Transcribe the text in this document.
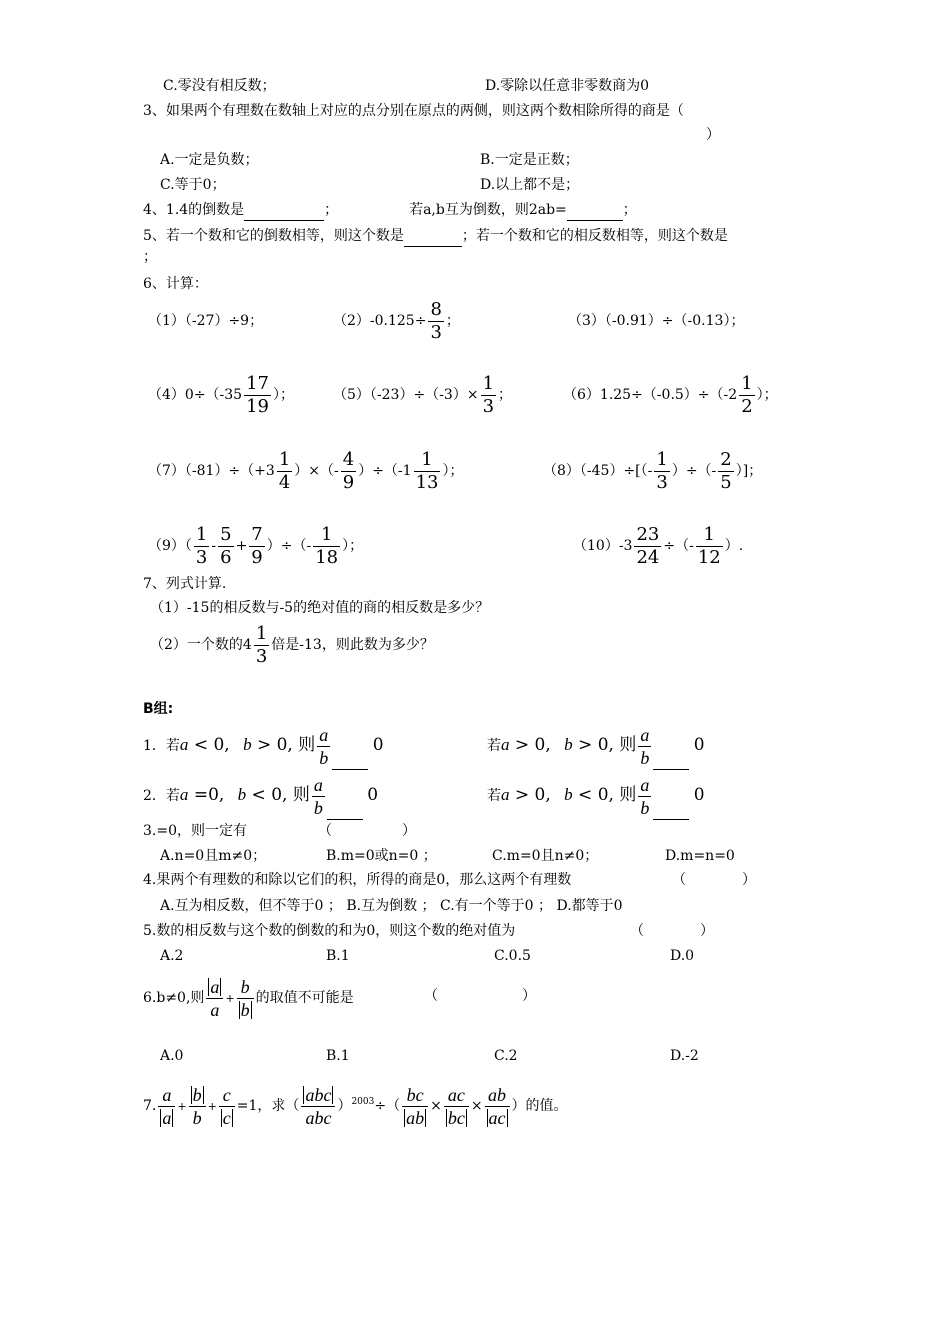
C.零没有相反数；	D.零除以任意非零数商为0
3、如果两个有理数在数轴上对应的点分别在原点的两侧，则这两个数相除所得的商是（
）
A.一定是负数；	B.一定是正数；
C.等于0；	D.以上都不是；
4、1.4的倒数是	；	若a,b互为倒数，则2ab=	；
5、若一个数和它的倒数相等，则这个数是	；若一个数和它的相反数相等，则这个数是
；
6、计算：
（1）（-27）÷9；	$(2)-0.125\div \frac{8}{3}$ ；	（3）（-0.91）÷（-0.13）；
$(4)0\div(-35 \frac{17}{19}$ ）；	$(5)(-23)\div(-3)\times \frac{1}{3}$ ；	$(6)1.25\div(-0.5)\div(-2 \frac{1}{2}$ ）；
$(7)(-81)\div(+3 \frac{1}{4}$ ）×（- $\frac{4}{9} )\div(-1 \frac{1}{13}$ ）；	$(8)(-45)\div[(- \frac{1}{3}$ ）÷（- $\frac{2}{5}$ ）]；
$(9)( \frac{1}{3} - \frac{5}{6} + \frac{7}{9}$ ）÷（- $\frac{1}{18}$ ）；	$(10)-3 \frac{23}{24}$ ÷（- $\frac{1}{12}$ ）.
7、列式计算.
（1）-15的相反数与-5的绝对值的商的相反数是多少？
（2）一个数的$4 \frac{1}{3}$ 倍是-13，则此数为多少？
B组:
1．若a < 0, b > 0, 则 $\frac{a}{b} 0$	若a > 0, b > 0, 则 $\frac{a}{b} 0$
2．若a =0, b < 0, 则 $\frac{a}{b} 0$	若a > 0, b < 0, 则 $\frac{a}{b} 0$
3.=0，则一定有	（　　　　　）
A.n=0且m≠0；	B.m=0或n=0 ；	C.m=0且n≠0；	D.m=n=0
4.果两个有理数的和除以它们的积，所得的商是0，那么这两个有理数	（　　　　）
A.互为相反数，但不等于0 ； B.互为倒数 ； C.有一个等于0 ； D.都等于0
5.数的相反数与这个数的倒数的和为0，则这个数的绝对值为	（　　　　）
A.2	B.1	C.0.5	D.0
6.b≠0,则 $\frac{a}{a} + \frac{b}{b}$ 的取值不可能是	（　　　　　　）
A.0	B.1	C.2	D.-2
7. $\frac{a}{a} + \frac{b}{b} + \frac{c}{c} =1$，求（ $\frac{\text{abc}}{\text{abc}} )^{2003}\div( \frac{bc}{ab} \times \frac{ac}{bc} \times \frac{ab}{ac}$ ）的值。
